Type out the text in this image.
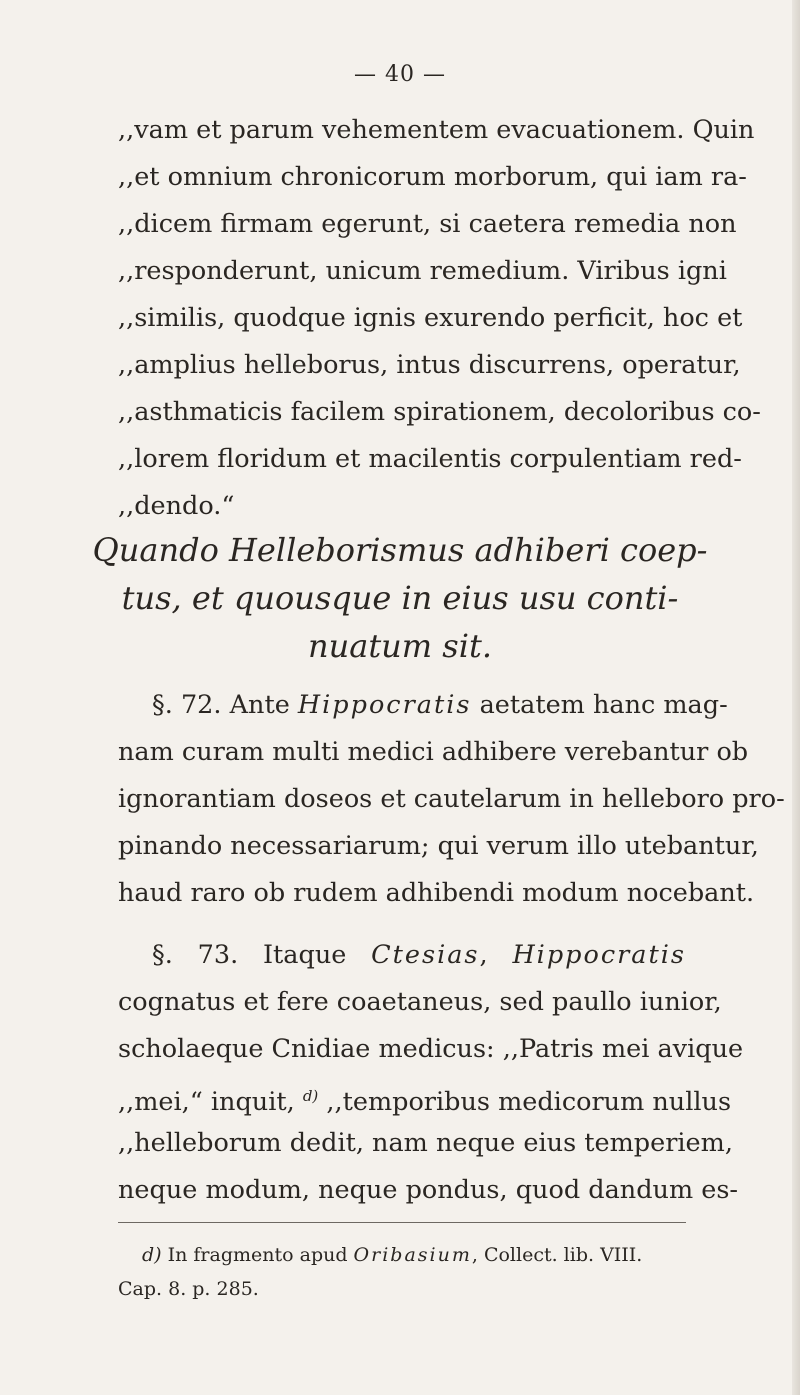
— 40 —
,,vam et parum vehementem evacuationem. Quin
,,et omnium chronicorum morborum, qui iam ra-
,,dicem firmam egerunt, si caetera remedia non
,,responderunt, unicum remedium. Viribus igni
,,similis, quodque ignis exurendo perficit, hoc et
,,amplius helleborus, intus discurrens, operatur,
,,asthmaticis facilem spirationem, decoloribus co-
,,lorem floridum et macilentis corpulentiam red-
,,dendo.“
Quando Helleborismus adhiberi coep-
tus, et quousque in eius usu conti-
nuatum sit.
§. 72. Ante Hippocratis aetatem hanc mag-
nam curam multi medici adhibere verebantur ob
ignorantiam doseos et cautelarum in helleboro pro-
pinando necessariarum; qui verum illo utebantur,
haud raro ob rudem adhibendi modum nocebant.
§. 73. Itaque Ctesias, Hippocratis
cognatus et fere coaetaneus, sed paullo iunior,
scholaeque Cnidiae medicus: ,,Patris mei avique
,,mei,“ inquit, $^{d)}$ ,,temporibus medicorum nullus
,,helleborum dedit, nam neque eius temperiem,
neque modum, neque pondus, quod dandum es-
d) In fragmento apud Oribasium, Collect. lib. VIII.
Cap. 8. p. 285.
